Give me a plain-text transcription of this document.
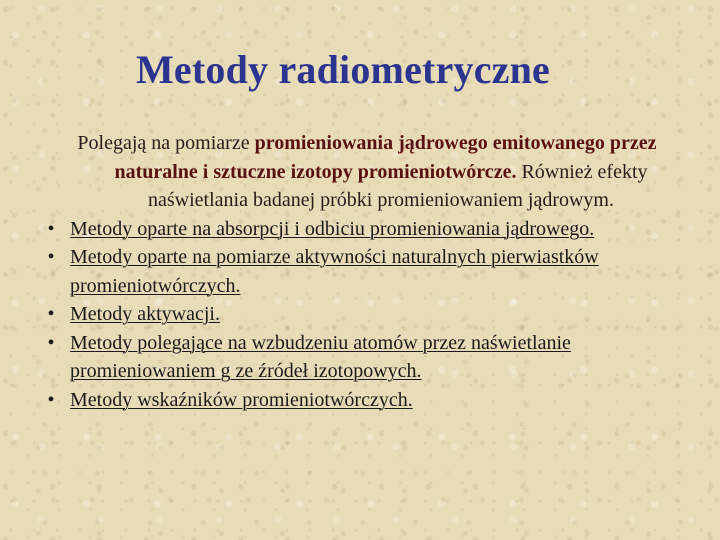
Metody radiometryczne

Polegają na pomiarze promieniowania jądrowego emitowanego przez naturalne i sztuczne izotopy promieniotwórcze. Również efekty naświetlania badanej próbki promieniowaniem jądrowym.

• Metody oparte na absorpcji i odbiciu promieniowania jądrowego.
• Metody oparte na pomiarze aktywności naturalnych pierwiastków promieniotwórczych.
• Metody aktywacji.
• Metody polegające na wzbudzeniu atomów przez naświetlanie promieniowaniem g ze źródeł izotopowych.
• Metody wskaźników promieniotwórczych.
